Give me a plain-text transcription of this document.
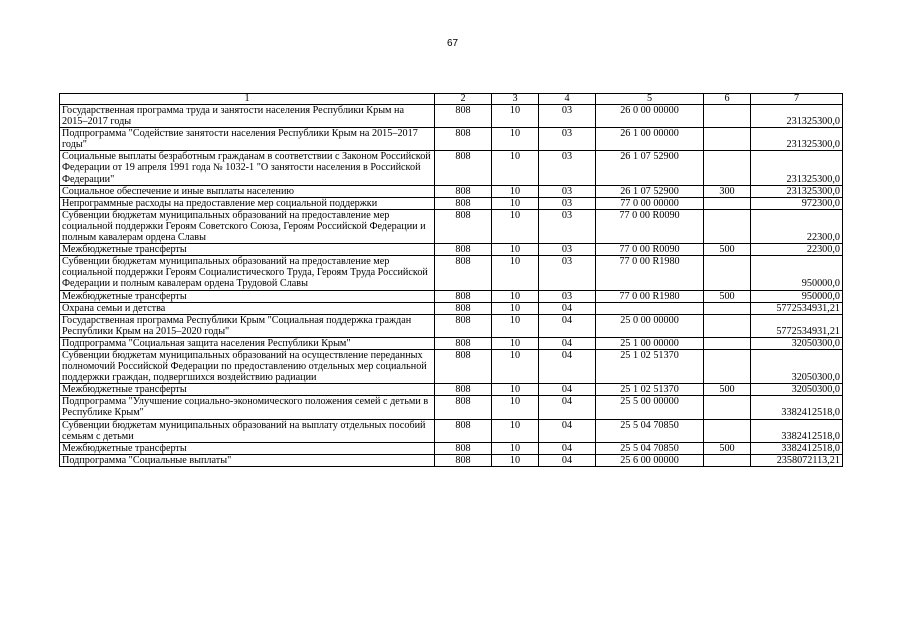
67
1	2	3	4	5	6	7
Государственная программа труда и занятости населения Республики Крым на 2015–2017 годы	808	10	03	26 0 00 00000		231325300,0
Подпрограмма "Содействие занятости населения Республики Крым на 2015–2017 годы"	808	10	03	26 1 00 00000		231325300,0
Социальные выплаты безработным гражданам в соответствии с Законом Российской Федерации от 19 апреля 1991 года № 1032-1 "О занятости населения в Российской Федерации"	808	10	03	26 1 07 52900		231325300,0
Социальное обеспечение и иные выплаты населению	808	10	03	26 1 07 52900	300	231325300,0
Непрограммные расходы на предоставление мер социальной поддержки	808	10	03	77 0 00 00000		972300,0
Субвенции бюджетам муниципальных образований на предоставление мер социальной поддержки Героям Советского Союза, Героям Российской Федерации и полным кавалерам ордена Славы	808	10	03	77 0 00 R0090		22300,0
Межбюджетные трансферты	808	10	03	77 0 00 R0090	500	22300,0
Субвенции бюджетам муниципальных образований на предоставление мер социальной поддержки Героям Социалистического Труда, Героям Труда Российской Федерации и полным кавалерам ордена Трудовой Славы	808	10	03	77 0 00 R1980		950000,0
Межбюджетные трансферты	808	10	03	77 0 00 R1980	500	950000,0
Охрана семьи и детства	808	10	04			5772534931,21
Государственная программа Республики Крым "Социальная поддержка граждан Республики Крым на 2015–2020 годы"	808	10	04	25 0 00 00000		5772534931,21
Подпрограмма "Социальная защита населения Республики Крым"	808	10	04	25 1 00 00000		32050300,0
Субвенции бюджетам муниципальных образований на осуществление переданных полномочий Российской Федерации по предоставлению отдельных мер социальной поддержки граждан, подвергшихся воздействию радиации	808	10	04	25 1 02 51370		32050300,0
Межбюджетные трансферты	808	10	04	25 1 02 51370	500	32050300,0
Подпрограмма "Улучшение социально-экономического положения семей с детьми в Республике Крым"	808	10	04	25 5 00 00000		3382412518,0
Субвенции бюджетам муниципальных образований на выплату отдельных пособий семьям с детьми	808	10	04	25 5 04 70850		3382412518,0
Межбюджетные трансферты	808	10	04	25 5 04 70850	500	3382412518,0
Подпрограмма "Социальные выплаты"	808	10	04	25 6 00 00000		2358072113,21
